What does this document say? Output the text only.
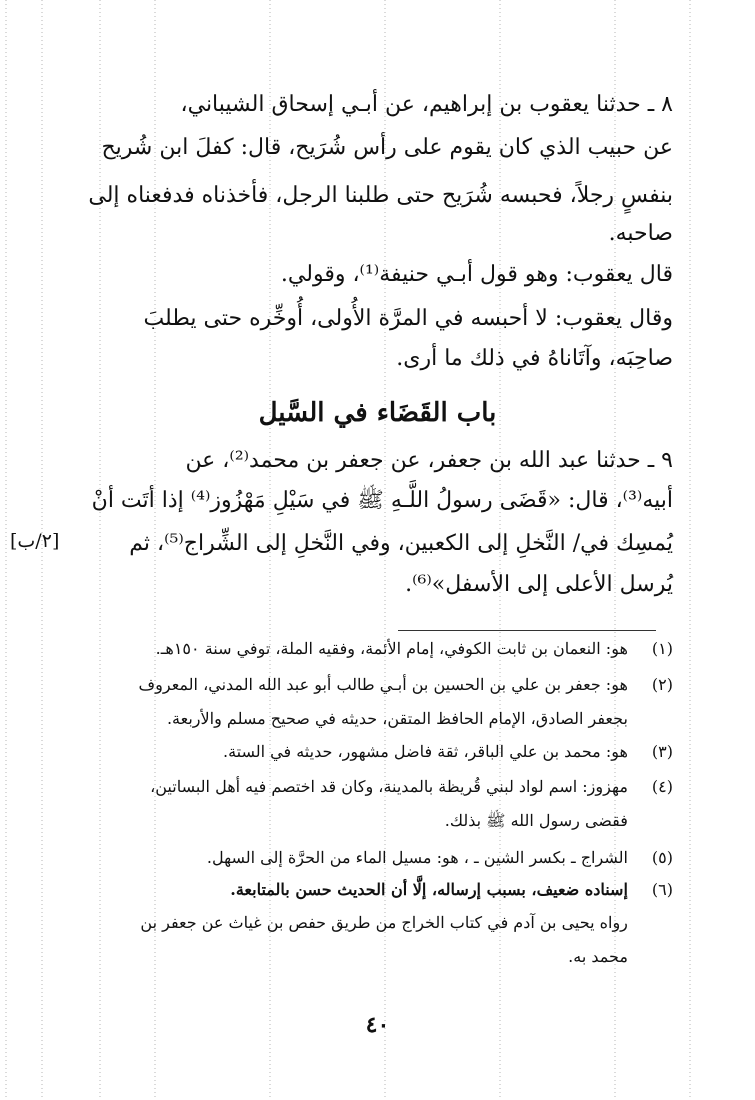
٨ ـ حدثنا يعقوب بن إبراهيم، عن أبـي إسحاق الشيباني،
عن حبيب الذي كان يقوم على رأس شُرَيح، قال: كفلَ ابن شُريح
بنفسٍ رجلاً، فحبسه شُرَيح حتى طلبنا الرجل، فأخذناه فدفعناه إلى
صاحبه.
قال يعقوب: وهو قول أبـي حنيفة⁽¹⁾، وقولي.
وقال يعقوب: لا أحبسه في المرَّة الأُولى، أُوخِّره حتى يطلبَ
صاحِبَه، وآتَاناهُ في ذلك ما أرى.
باب القَضَاء في السَّيل
٩ ـ حدثنا عبد الله بن جعفر، عن جعفر بن محمد⁽²⁾، عن
أبيه⁽³⁾، قال: «قَضَى رسولُ اللَّـهِ ﷺ في سَيْلِ مَهْزُوز⁽⁴⁾ إذا أتَت أنْ
يُمسِك في/ النَّخلِ إلى الكعبين، وفي النَّخلِ إلى الشِّراج⁽⁵⁾، ثم
يُرسل الأعلى إلى الأسفل»⁽⁶⁾.
[٢/ب]
(١) هو: النعمان بن ثابت الكوفي، إمام الأئمة، وفقيه الملة، توفي سنة ١٥٠هـ.
(٢) هو: جعفر بن علي بن الحسين بن أبـي طالب أبو عبد الله المدني، المعروف
بجعفر الصادق، الإمام الحافظ المتقن، حديثه في صحيح مسلم والأربعة.
(٣) هو: محمد بن علي الباقر، ثقة فاضل مشهور، حديثه في الستة.
(٤) مهزوز: اسم لواد لبني قُريظة بالمدينة، وكان قد اختصم فيه أهل البساتين،
فقضى رسول الله ﷺ بذلك.
(٥) الشراج ـ بكسر الشين ـ ، هو: مسيل الماء من الحرَّة إلى السهل.
(٦) إسناده ضعيف، بسبب إرساله، إلَّا أن الحديث حسن بالمتابعة.
رواه يحيى بن آدم في كتاب الخراج من طريق حفص بن غياث عن جعفر بن
محمد به.
٤٠
